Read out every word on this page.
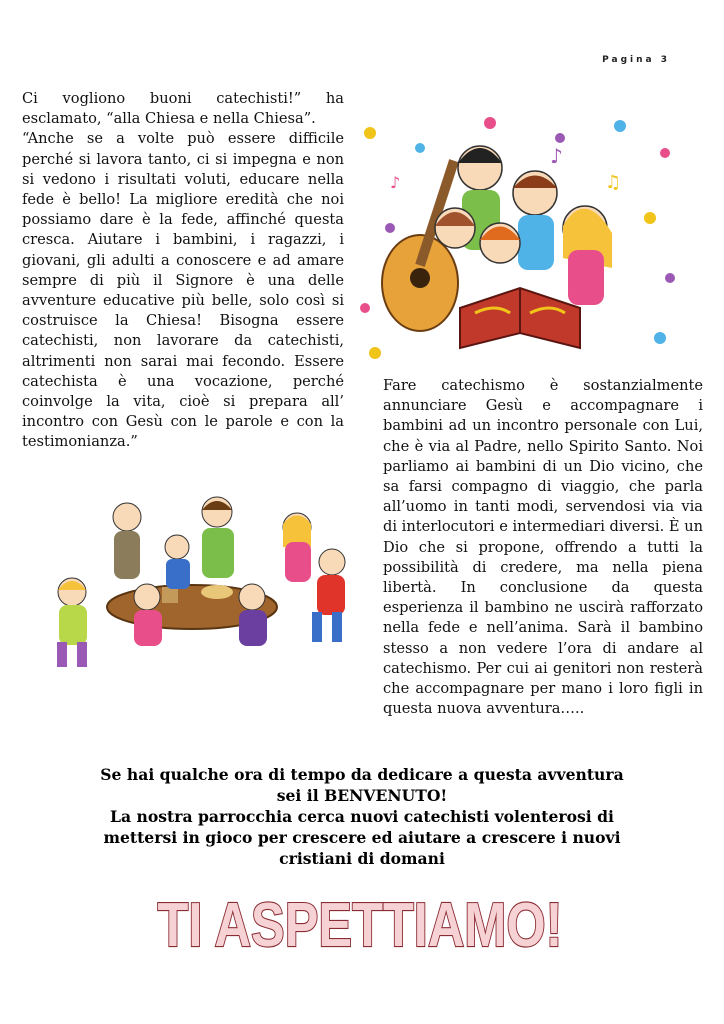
Pagina 3

Ci vogliono buoni catechisti!” ha esclamato, “alla Chiesa e nella Chiesa”.

“Anche se a volte può essere difficile perché si lavora tanto, ci si impegna e non si vedono i risultati voluti, educare nella fede è bello! La migliore eredità che noi possiamo dare è la fede, affinché questa cresca. Aiutare i bambini, i ragazzi, i giovani, gli adulti a conoscere e ad amare sempre di più il Signore è una delle avventure educative più belle, solo così si costruisce la Chiesa! Bisogna essere catechisti, non lavorare da catechisti, altrimenti non sarai mai fecondo. Essere catechista è una vocazione, perché coinvolge la vita, cioè si prepara all’ incontro con Gesù con le parole e con la testimonianza.”

♪
♫
♪

Fare catechismo è sostanzialmente annunciare Gesù e accompagnare i bambini ad un incontro personale con Lui, che è via al Padre, nello Spirito Santo. Noi parliamo ai bambini di un Dio vicino, che sa farsi compagno di viaggio, che parla all’uomo in tanti modi, servendosi via via di interlocutori e intermediari diversi. È un Dio che si propone, offrendo a tutti la possibilità di credere, ma nella piena libertà. In conclusione da questa esperienza il bambino ne uscirà rafforzato nella fede e nell’anima. Sarà il bambino stesso a non vedere l’ora di andare al catechismo. Per cui ai genitori non resterà che accompagnare per mano i loro figli in questa nuova avventura…..

Se hai qualche ora di tempo da dedicare a questa avventura

sei il BENVENUTO!

La nostra parrocchia cerca nuovi catechisti volenterosi di

mettersi in gioco per crescere ed aiutare a crescere i nuovi

cristiani di domani

TI ASPETTIAMO!
